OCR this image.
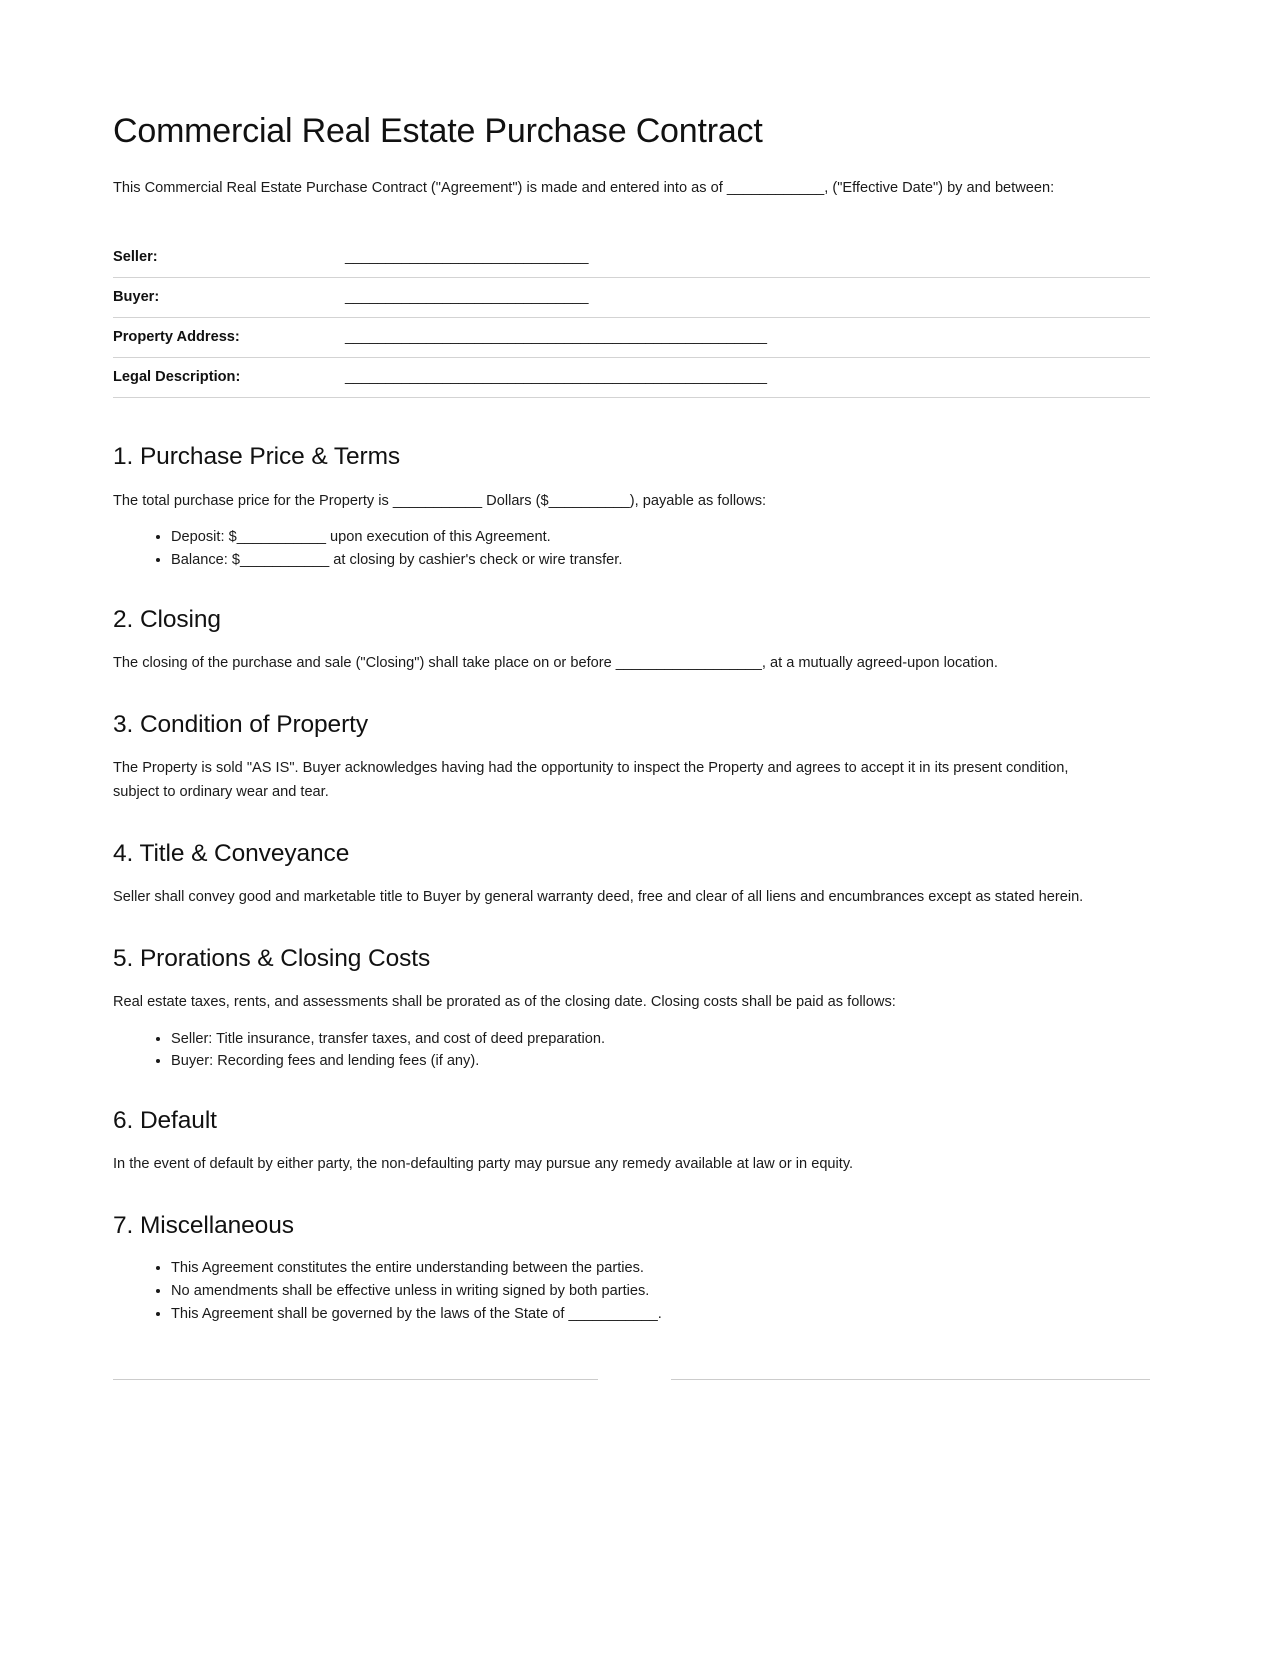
Commercial Real Estate Purchase Contract

This Commercial Real Estate Purchase Contract ("Agreement") is made and entered into as of ____________, ("Effective Date") by and between:

Seller:	______________________________
Buyer:	______________________________
Property Address:	____________________________________________________
Legal Description:	____________________________________________________
1. Purchase Price & Terms

The total purchase price for the Property is ___________ Dollars ($__________), payable as follows:

• Deposit: $___________ upon execution of this Agreement.
• Balance: $___________ at closing by cashier's check or wire transfer.
2. Closing

The closing of the purchase and sale ("Closing") shall take place on or before __________________, at a mutually agreed-upon location.

3. Condition of Property

The Property is sold "AS IS". Buyer acknowledges having had the opportunity to inspect the Property and agrees to accept it in its present condition, subject to ordinary wear and tear.

4. Title & Conveyance

Seller shall convey good and marketable title to Buyer by general warranty deed, free and clear of all liens and encumbrances except as stated herein.

5. Prorations & Closing Costs

Real estate taxes, rents, and assessments shall be prorated as of the closing date. Closing costs shall be paid as follows:

• Seller: Title insurance, transfer taxes, and cost of deed preparation.
• Buyer: Recording fees and lending fees (if any).
6. Default

In the event of default by either party, the non-defaulting party may pursue any remedy available at law or in equity.

7. Miscellaneous
• This Agreement constitutes the entire understanding between the parties.
• No amendments shall be effective unless in writing signed by both parties.
• This Agreement shall be governed by the laws of the State of ___________.
